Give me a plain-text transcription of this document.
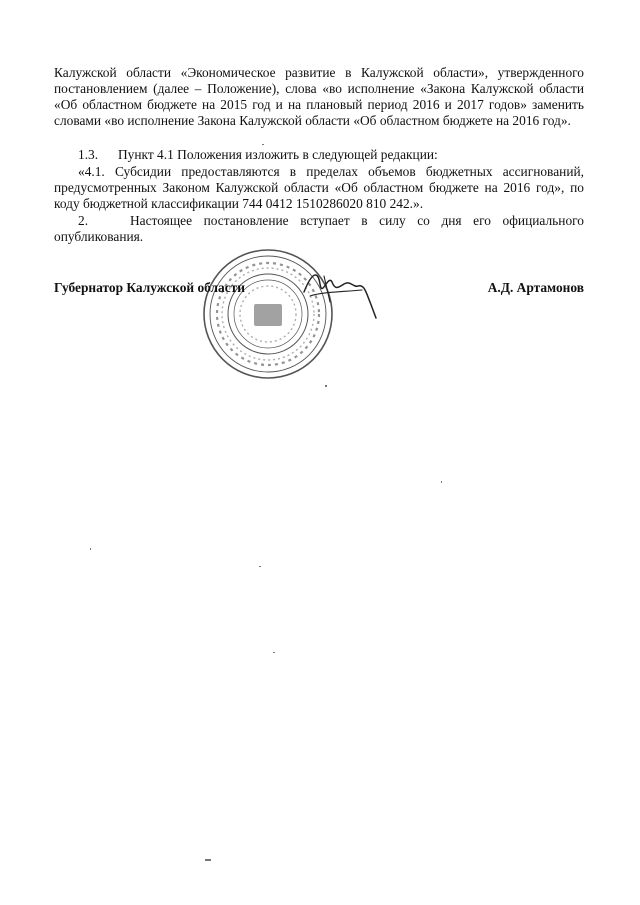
Калужской области «Экономическое развитие в Калужской области», утвержденного постановлением (далее – Положение), слова «во исполнение «Закона Калужской области «Об областном бюджете на 2015 год и на плановый период 2016 и 2017 годов» заменить словами «во исполнение Закона Калужской области «Об областном бюджете на 2016 год».
1.3. Пункт 4.1 Положения изложить в следующей редакции:
«4.1. Субсидии предоставляются в пределах объемов бюджетных ассигнований, предусмотренных Законом Калужской области «Об областном бюджете на 2016 год», по коду бюджетной классификации 744 0412 1510286020 810 242.».
2.	Настоящее постановление вступает в силу со дня его официального опубликования.
Губернатор Калужской области	А.Д. Артамонов
